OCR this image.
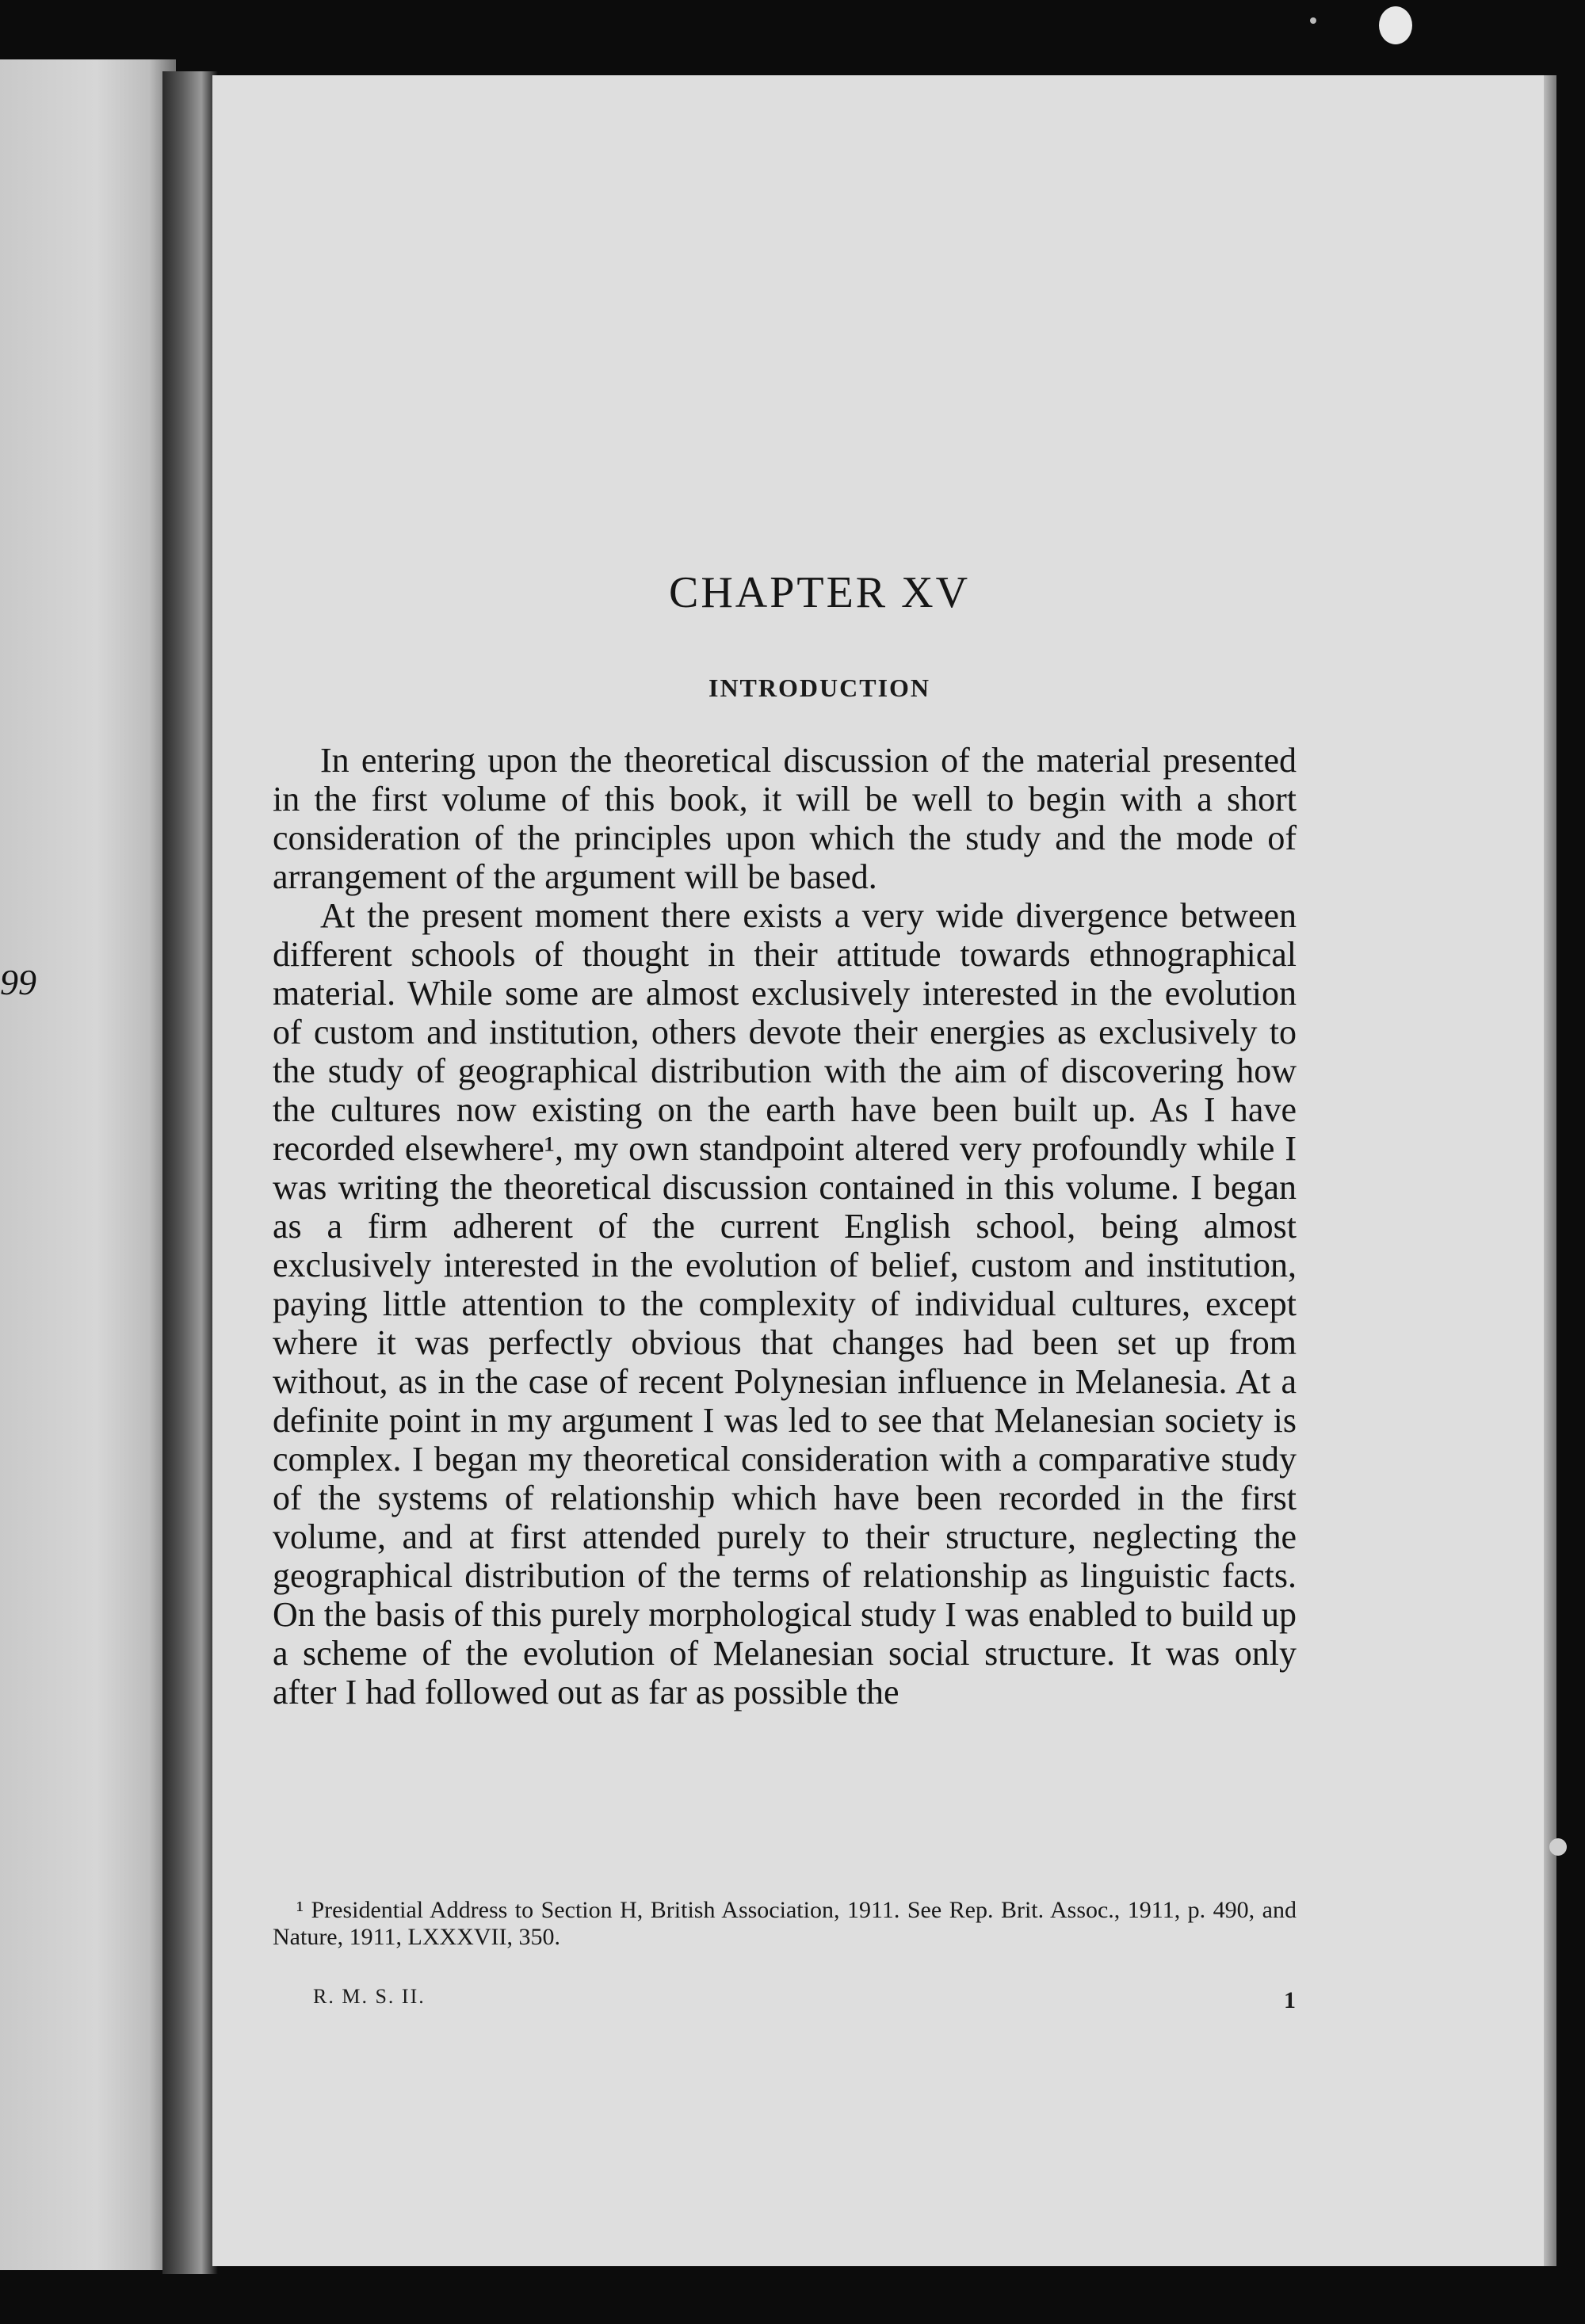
99
CHAPTER XV
INTRODUCTION

In entering upon the theoretical discussion of the material presented in the first volume of this book, it will be well to begin with a short consideration of the principles upon which the study and the mode of arrangement of the argument will be based.

At the present moment there exists a very wide divergence between different schools of thought in their attitude towards ethnographical material. While some are almost exclusively interested in the evolution of custom and institution, others devote their energies as exclusively to the study of geographical distribution with the aim of discovering how the cultures now existing on the earth have been built up. As I have recorded elsewhere¹, my own standpoint altered very profoundly while I was writing the theoretical discussion contained in this volume. I began as a firm adherent of the current English school, being almost exclusively interested in the evolution of belief, custom and institution, paying little attention to the complexity of individual cultures, except where it was perfectly obvious that changes had been set up from without, as in the case of recent Polynesian influence in Melanesia. At a definite point in my argument I was led to see that Melanesian society is complex. I began my theoretical consideration with a comparative study of the systems of relationship which have been recorded in the first volume, and at first attended purely to their structure, neglecting the geographical distribution of the terms of relationship as linguistic facts. On the basis of this purely morphological study I was enabled to build up a scheme of the evolution of Melanesian social structure. It was only after I had followed out as far as possible the

¹ Presidential Address to Section H, British Association, 1911. See Rep. Brit. Assoc., 1911, p. 490, and Nature, 1911, LXXXVII, 350.
R. M. S. II.	1
